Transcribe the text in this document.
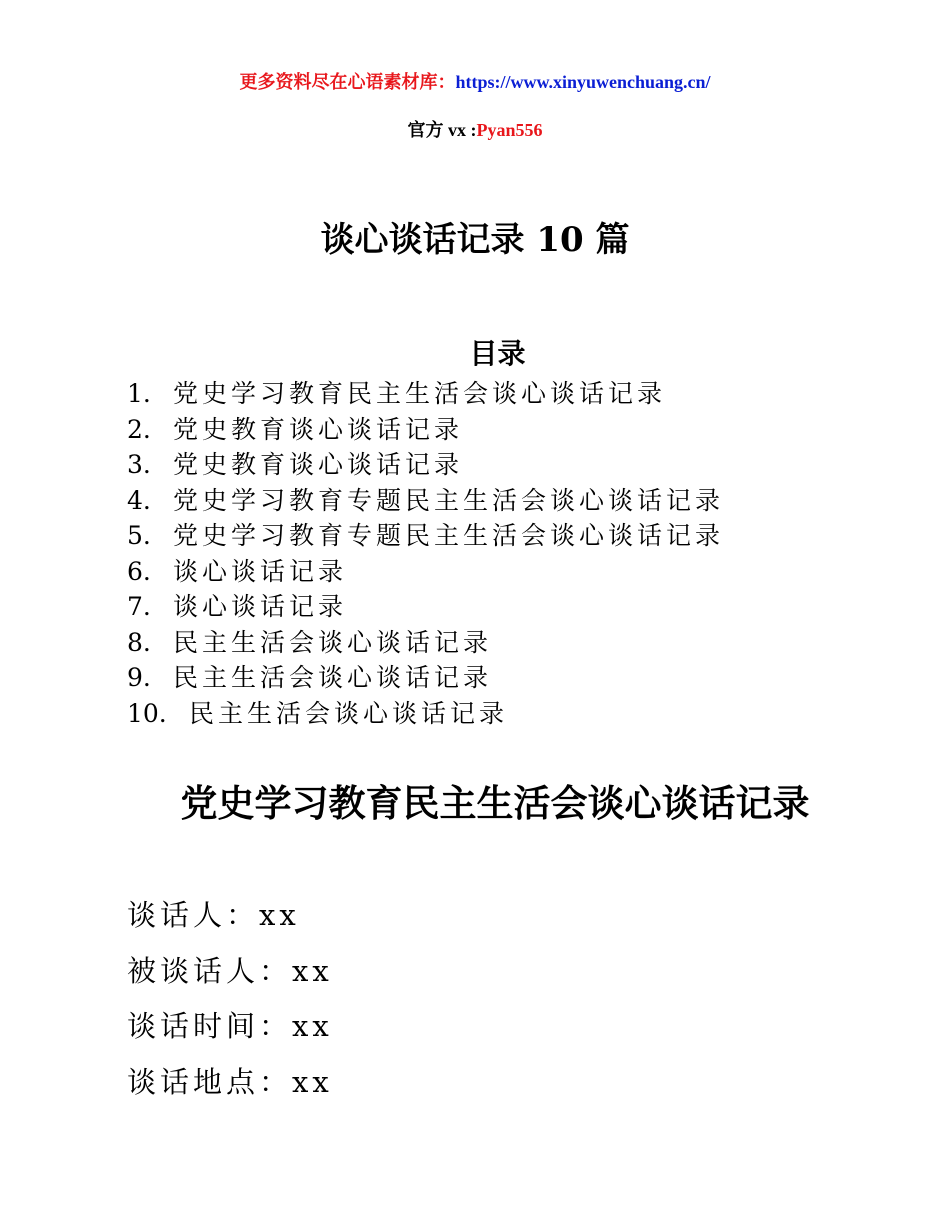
更多资料尽在心语素材库：https://www.xinyuwenchuang.cn/
官方 vx :Pyan556
谈心谈话记录 10 篇
目录
1. 党史学习教育民主生活会谈心谈话记录
2. 党史教育谈心谈话记录
3. 党史教育谈心谈话记录
4. 党史学习教育专题民主生活会谈心谈话记录
5. 党史学习教育专题民主生活会谈心谈话记录
6. 谈心谈话记录
7. 谈心谈话记录
8. 民主生活会谈心谈话记录
9. 民主生活会谈心谈话记录
10. 民主生活会谈心谈话记录
党史学习教育民主生活会谈心谈话记录
谈话人：xx
被谈话人：xx
谈话时间：xx
谈话地点：xx
